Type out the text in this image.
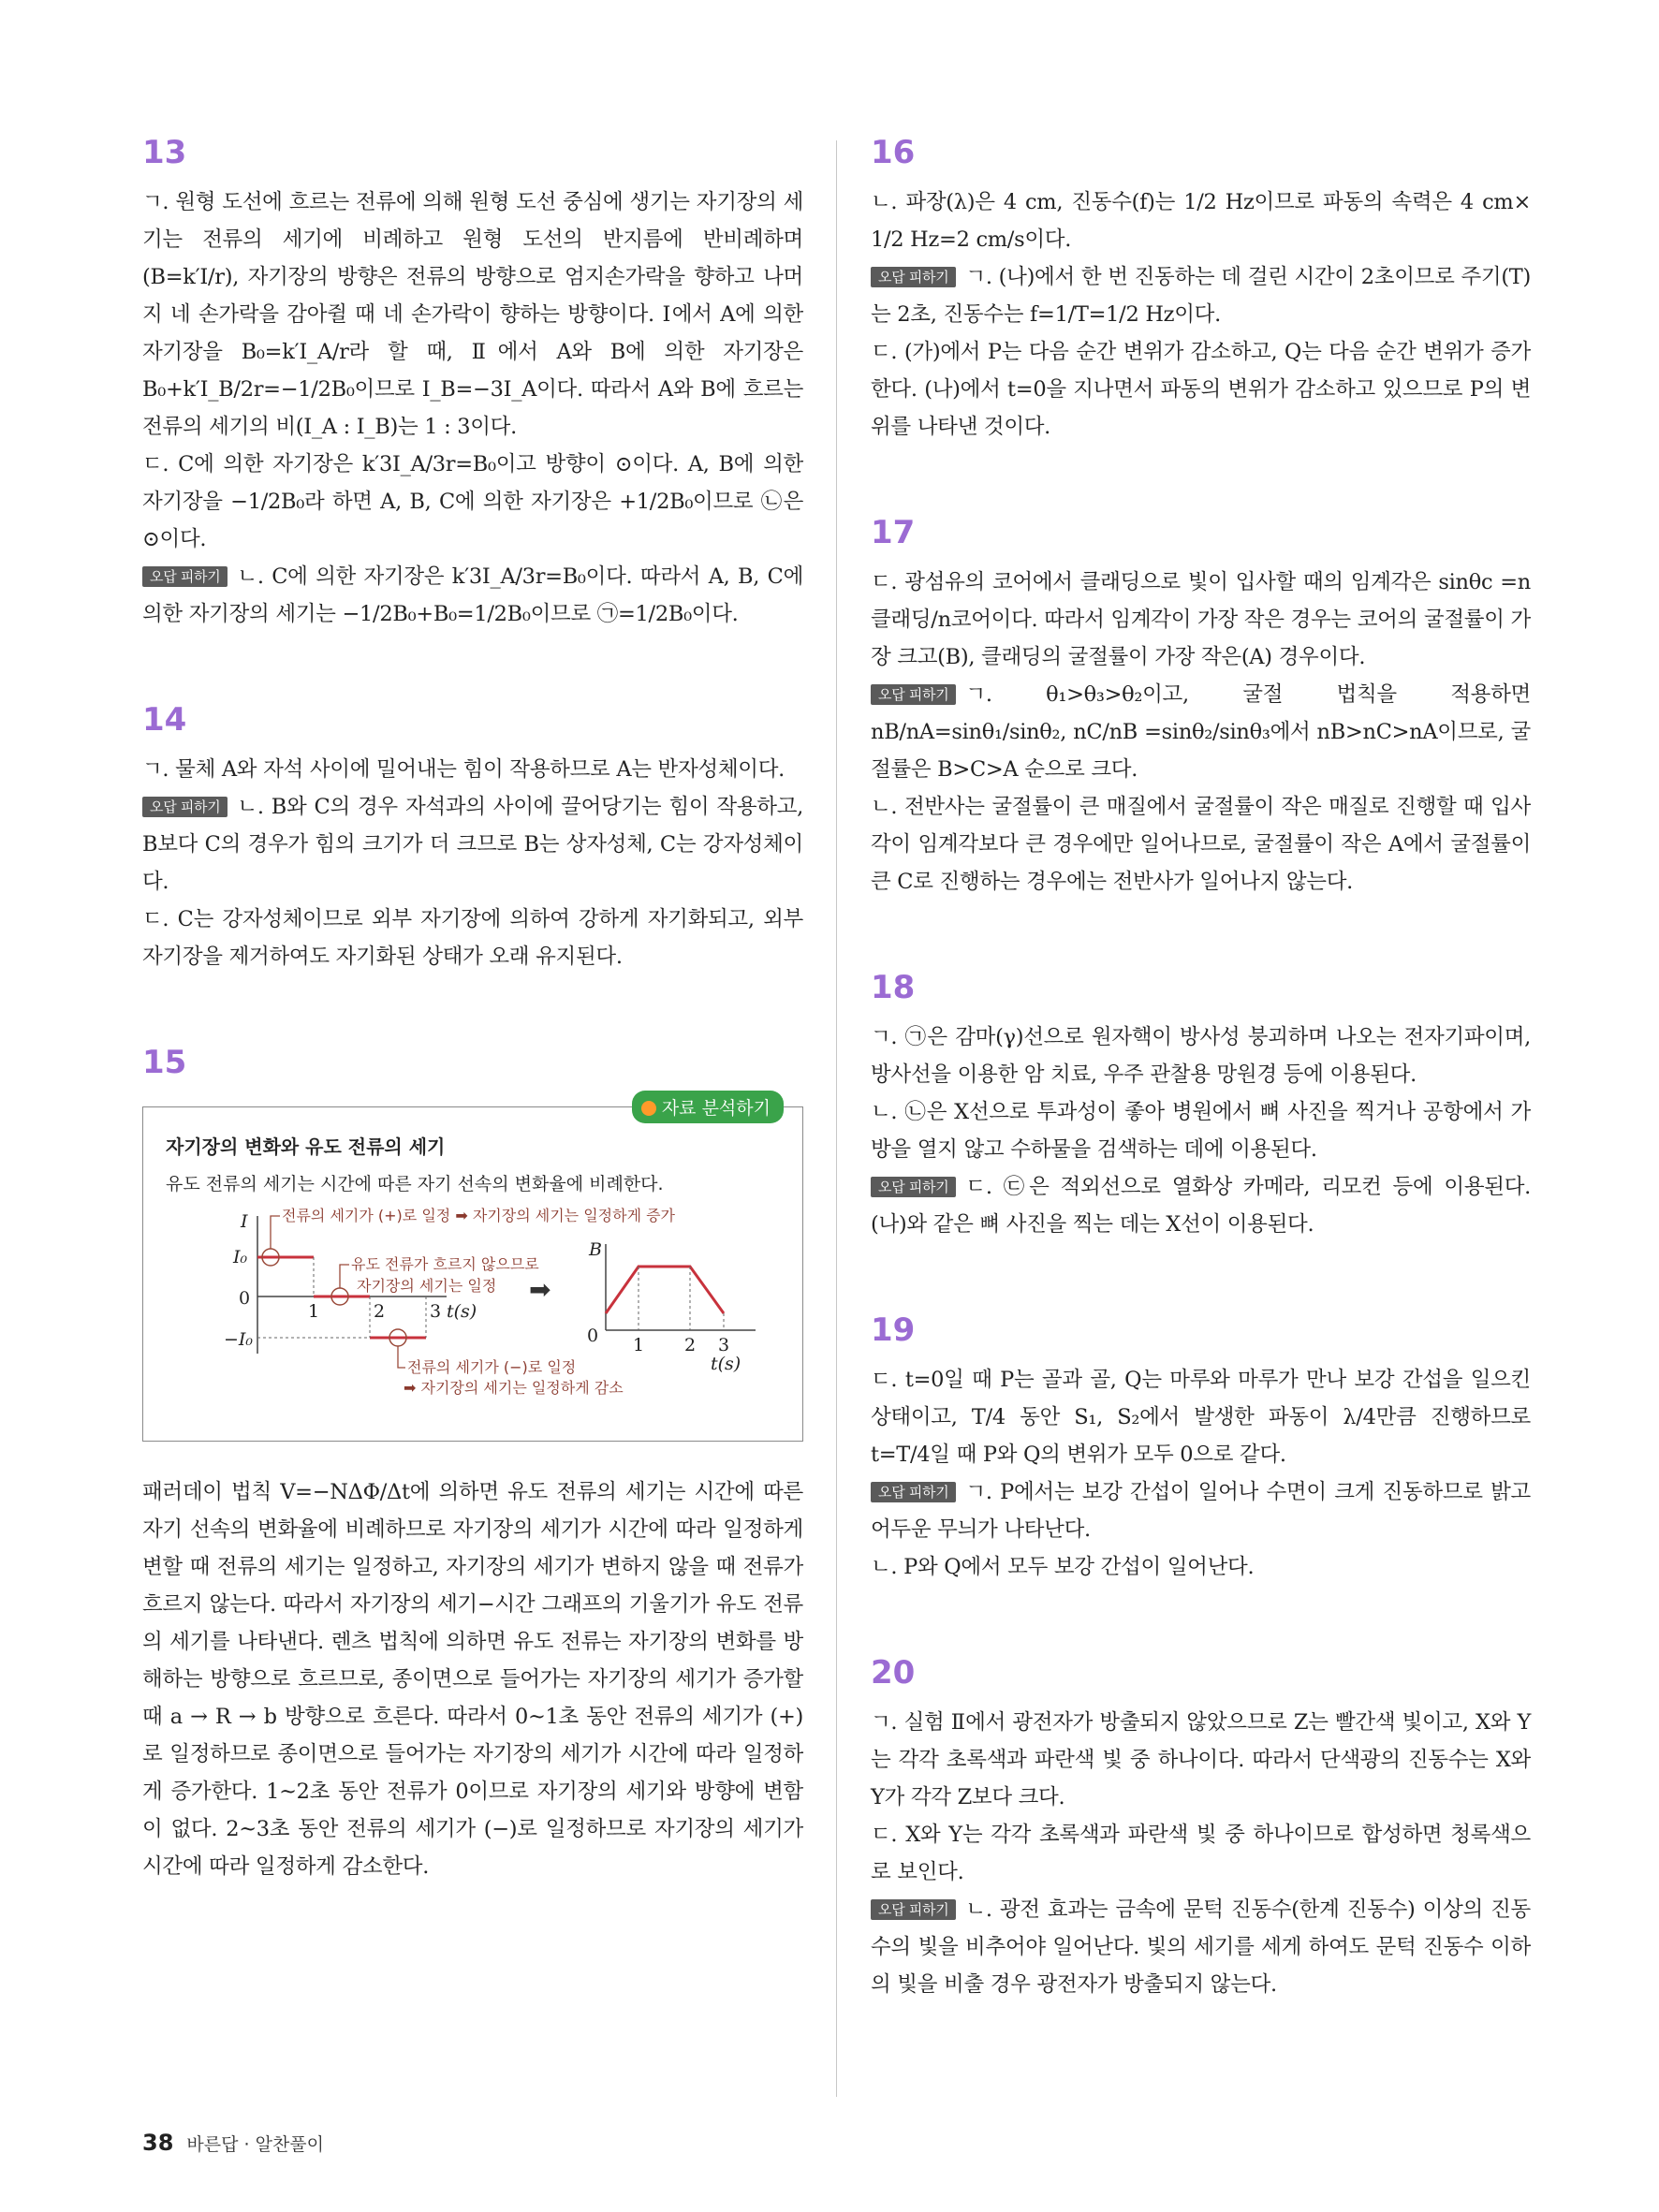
13

ㄱ. 원형 도선에 흐르는 전류에 의해 원형 도선 중심에 생기는 자기장의 세기는 전류의 세기에 비례하고 원형 도선의 반지름에 반비례하며 (B=k′I/r), 자기장의 방향은 전류의 방향으로 엄지손가락을 향하고 나머지 네 손가락을 감아쥘 때 네 손가락이 향하는 방향이다. Ⅰ에서 A에 의한 자기장을 B₀=k′I_A/r라 할 때, Ⅱ에서 A와 B에 의한 자기장은 B₀+k′I_B/2r=−1/2B₀이므로 I_B=−3I_A이다. 따라서 A와 B에 흐르는 전류의 세기의 비(I_A : I_B)는 1 : 3이다.

ㄷ. C에 의한 자기장은 k′3I_A/3r=B₀이고 방향이 ⊙이다. A, B에 의한 자기장을 −1/2B₀라 하면 A, B, C에 의한 자기장은 +1/2B₀이므로 ㉡은 ⊙이다.

오답 피하기 ㄴ. C에 의한 자기장은 k′3I_A/3r=B₀이다. 따라서 A, B, C에 의한 자기장의 세기는 −1/2B₀+B₀=1/2B₀이므로 ㉠=1/2B₀이다.

14

ㄱ. 물체 A와 자석 사이에 밀어내는 힘이 작용하므로 A는 반자성체이다.

오답 피하기 ㄴ. B와 C의 경우 자석과의 사이에 끌어당기는 힘이 작용하고, B보다 C의 경우가 힘의 크기가 더 크므로 B는 상자성체, C는 강자성체이다.

ㄷ. C는 강자성체이므로 외부 자기장에 의하여 강하게 자기화되고, 외부 자기장을 제거하여도 자기화된 상태가 오래 유지된다.

15
자료 분석하기
자기장의 변화와 유도 전류의 세기
유도 전류의 세기는 시간에 따른 자기 선속의 변화율에 비례한다.
I
I₀
0
−I₀
1	2	3 t(s)
전류의 세기가 (+)로 일정 ➡ 자기장의 세기는 일정하게 증가
유도 전류가 흐르지 않으므로
자기장의 세기는 일정
전류의 세기가 (−)로 일정
➡ 자기장의 세기는 일정하게 감소
➡
B
0 1 2 3
t(s)

패러데이 법칙 V=−NΔΦ/Δt에 의하면 유도 전류의 세기는 시간에 따른 자기 선속의 변화율에 비례하므로 자기장의 세기가 시간에 따라 일정하게 변할 때 전류의 세기는 일정하고, 자기장의 세기가 변하지 않을 때 전류가 흐르지 않는다. 따라서 자기장의 세기−시간 그래프의 기울기가 유도 전류의 세기를 나타낸다. 렌츠 법칙에 의하면 유도 전류는 자기장의 변화를 방해하는 방향으로 흐르므로, 종이면으로 들어가는 자기장의 세기가 증가할 때 a → R → b 방향으로 흐른다. 따라서 0~1초 동안 전류의 세기가 (+)로 일정하므로 종이면으로 들어가는 자기장의 세기가 시간에 따라 일정하게 증가한다. 1~2초 동안 전류가 0이므로 자기장의 세기와 방향에 변함이 없다. 2~3초 동안 전류의 세기가 (−)로 일정하므로 자기장의 세기가 시간에 따라 일정하게 감소한다.

16

ㄴ. 파장(λ)은 4 cm, 진동수(f)는 1/2 Hz이므로 파동의 속력은 4 cm× 1/2 Hz=2 cm/s이다.

오답 피하기 ㄱ. (나)에서 한 번 진동하는 데 걸린 시간이 2초이므로 주기(T)는 2초, 진동수는 f=1/T=1/2 Hz이다.

ㄷ. (가)에서 P는 다음 순간 변위가 감소하고, Q는 다음 순간 변위가 증가한다. (나)에서 t=0을 지나면서 파동의 변위가 감소하고 있으므로 P의 변위를 나타낸 것이다.

17

ㄷ. 광섬유의 코어에서 클래딩으로 빛이 입사할 때의 임계각은 sinθc =n클래딩/n코어이다. 따라서 임계각이 가장 작은 경우는 코어의 굴절률이 가장 크고(B), 클래딩의 굴절률이 가장 작은(A) 경우이다.

오답 피하기 ㄱ. θ₁>θ₃>θ₂이고, 굴절 법칙을 적용하면 nB/nA=sinθ₁/sinθ₂, nC/nB =sinθ₂/sinθ₃에서 nB>nC>nA이므로, 굴절률은 B>C>A 순으로 크다.

ㄴ. 전반사는 굴절률이 큰 매질에서 굴절률이 작은 매질로 진행할 때 입사각이 임계각보다 큰 경우에만 일어나므로, 굴절률이 작은 A에서 굴절률이 큰 C로 진행하는 경우에는 전반사가 일어나지 않는다.

18

ㄱ. ㉠은 감마(γ)선으로 원자핵이 방사성 붕괴하며 나오는 전자기파이며, 방사선을 이용한 암 치료, 우주 관찰용 망원경 등에 이용된다.

ㄴ. ㉡은 X선으로 투과성이 좋아 병원에서 뼈 사진을 찍거나 공항에서 가방을 열지 않고 수하물을 검색하는 데에 이용된다.

오답 피하기 ㄷ. ㉢은 적외선으로 열화상 카메라, 리모컨 등에 이용된다. (나)와 같은 뼈 사진을 찍는 데는 X선이 이용된다.

19

ㄷ. t=0일 때 P는 골과 골, Q는 마루와 마루가 만나 보강 간섭을 일으킨 상태이고, T/4 동안 S₁, S₂에서 발생한 파동이 λ/4만큼 진행하므로 t=T/4일 때 P와 Q의 변위가 모두 0으로 같다.

오답 피하기 ㄱ. P에서는 보강 간섭이 일어나 수면이 크게 진동하므로 밝고 어두운 무늬가 나타난다.

ㄴ. P와 Q에서 모두 보강 간섭이 일어난다.

20

ㄱ. 실험 Ⅱ에서 광전자가 방출되지 않았으므로 Z는 빨간색 빛이고, X와 Y는 각각 초록색과 파란색 빛 중 하나이다. 따라서 단색광의 진동수는 X와 Y가 각각 Z보다 크다.

ㄷ. X와 Y는 각각 초록색과 파란색 빛 중 하나이므로 합성하면 청록색으로 보인다.

오답 피하기 ㄴ. 광전 효과는 금속에 문턱 진동수(한계 진동수) 이상의 진동수의 빛을 비추어야 일어난다. 빛의 세기를 세게 하여도 문턱 진동수 이하의 빛을 비출 경우 광전자가 방출되지 않는다.

38 바른답 · 알찬풀이
